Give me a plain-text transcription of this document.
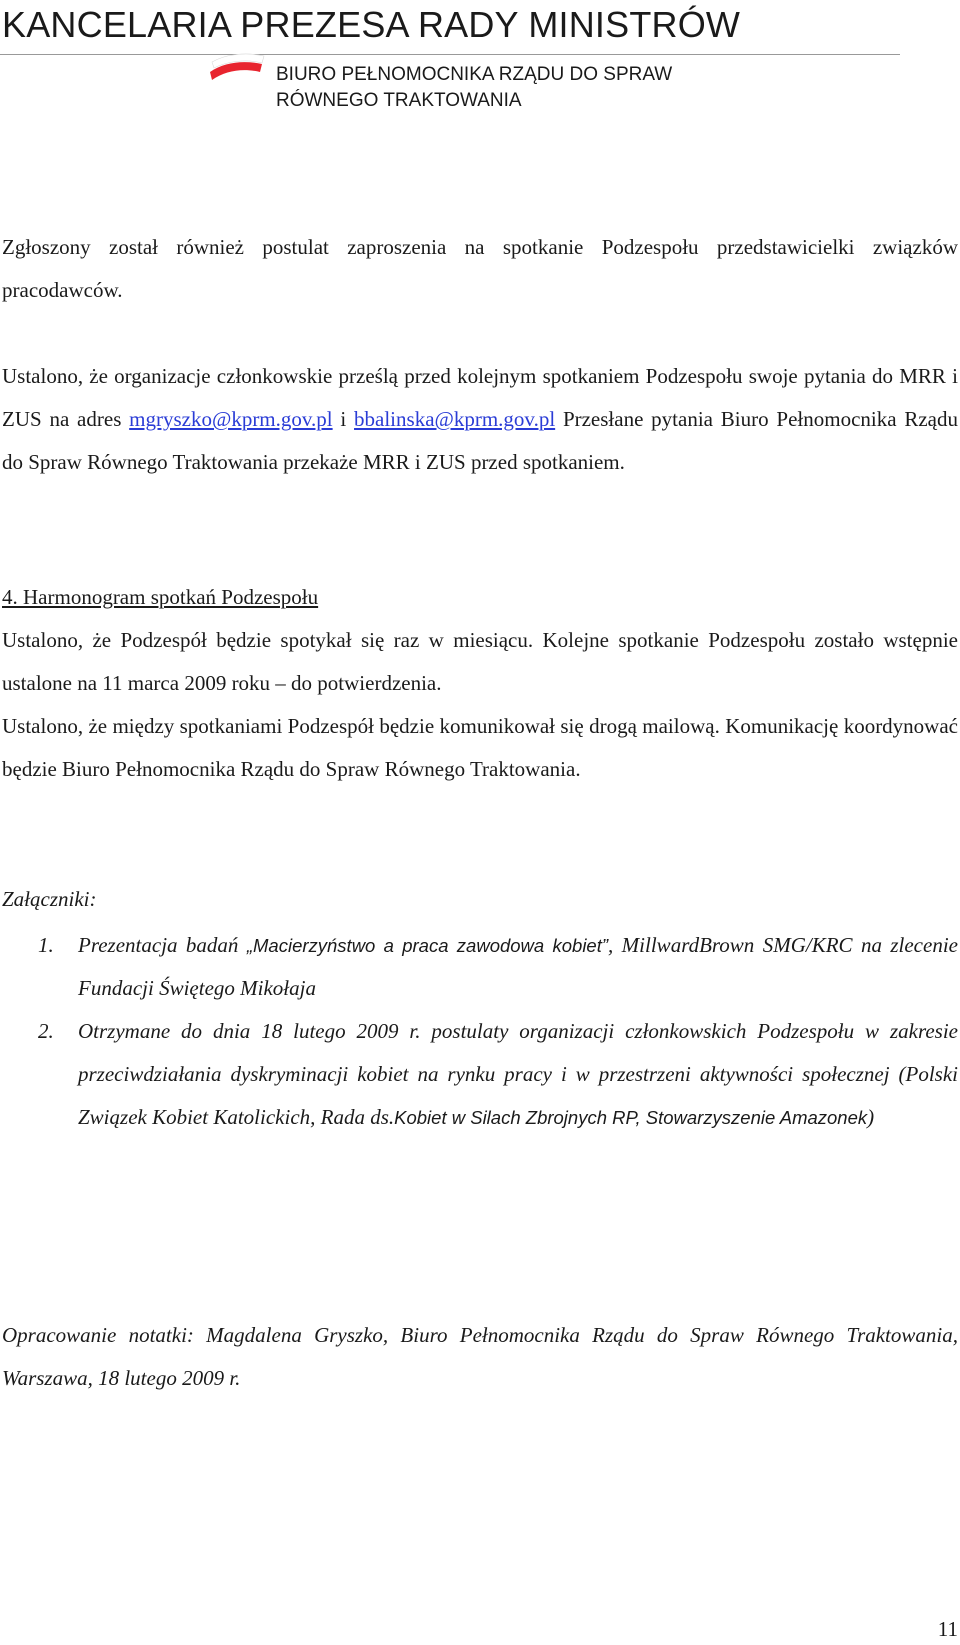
KANCELARIA PREZESA RADY MINISTRÓW
BIURO PEŁNOMOCNIKA RZĄDU DO SPRAW
RÓWNEGO TRAKTOWANIA

Zgłoszony został również postulat zaproszenia na spotkanie Podzespołu przedstawicielki związków pracodawców.

Ustalono, że organizacje członkowskie prześlą przed kolejnym spotkaniem Podzespołu swoje pytania do MRR i ZUS na adres mgryszko@kprm.gov.pl i bbalinska@kprm.gov.pl Przesłane pytania Biuro Pełnomocnika Rządu do Spraw Równego Traktowania przekaże MRR i ZUS przed spotkaniem.

4. Harmonogram spotkań Podzespołu

Ustalono, że Podzespół będzie spotykał się raz w miesiącu. Kolejne spotkanie Podzespołu zostało wstępnie ustalone na 11 marca 2009 roku – do potwierdzenia.

Ustalono, że między spotkaniami Podzespół będzie komunikował się drogą mailową. Komunikację koordynować będzie Biuro Pełnomocnika Rządu do Spraw Równego Traktowania.

Załączniki:

1. Prezentacja badań „Macierzyństwo a praca zawodowa kobiet”, MillwardBrown SMG/KRC na zlecenie Fundacji Świętego Mikołaja
2. Otrzymane do dnia 18 lutego 2009 r. postulaty organizacji członkowskich Podzespołu w zakresie przeciwdziałania dyskryminacji kobiet na rynku pracy i w przestrzeni aktywności społecznej (Polski Związek Kobiet Katolickich, Rada ds.Kobiet w Silach Zbrojnych RP, Stowarzyszenie Amazonek)

Opracowanie notatki: Magdalena Gryszko, Biuro Pełnomocnika Rządu do Spraw Równego Traktowania, Warszawa, 18 lutego 2009 r.

11
